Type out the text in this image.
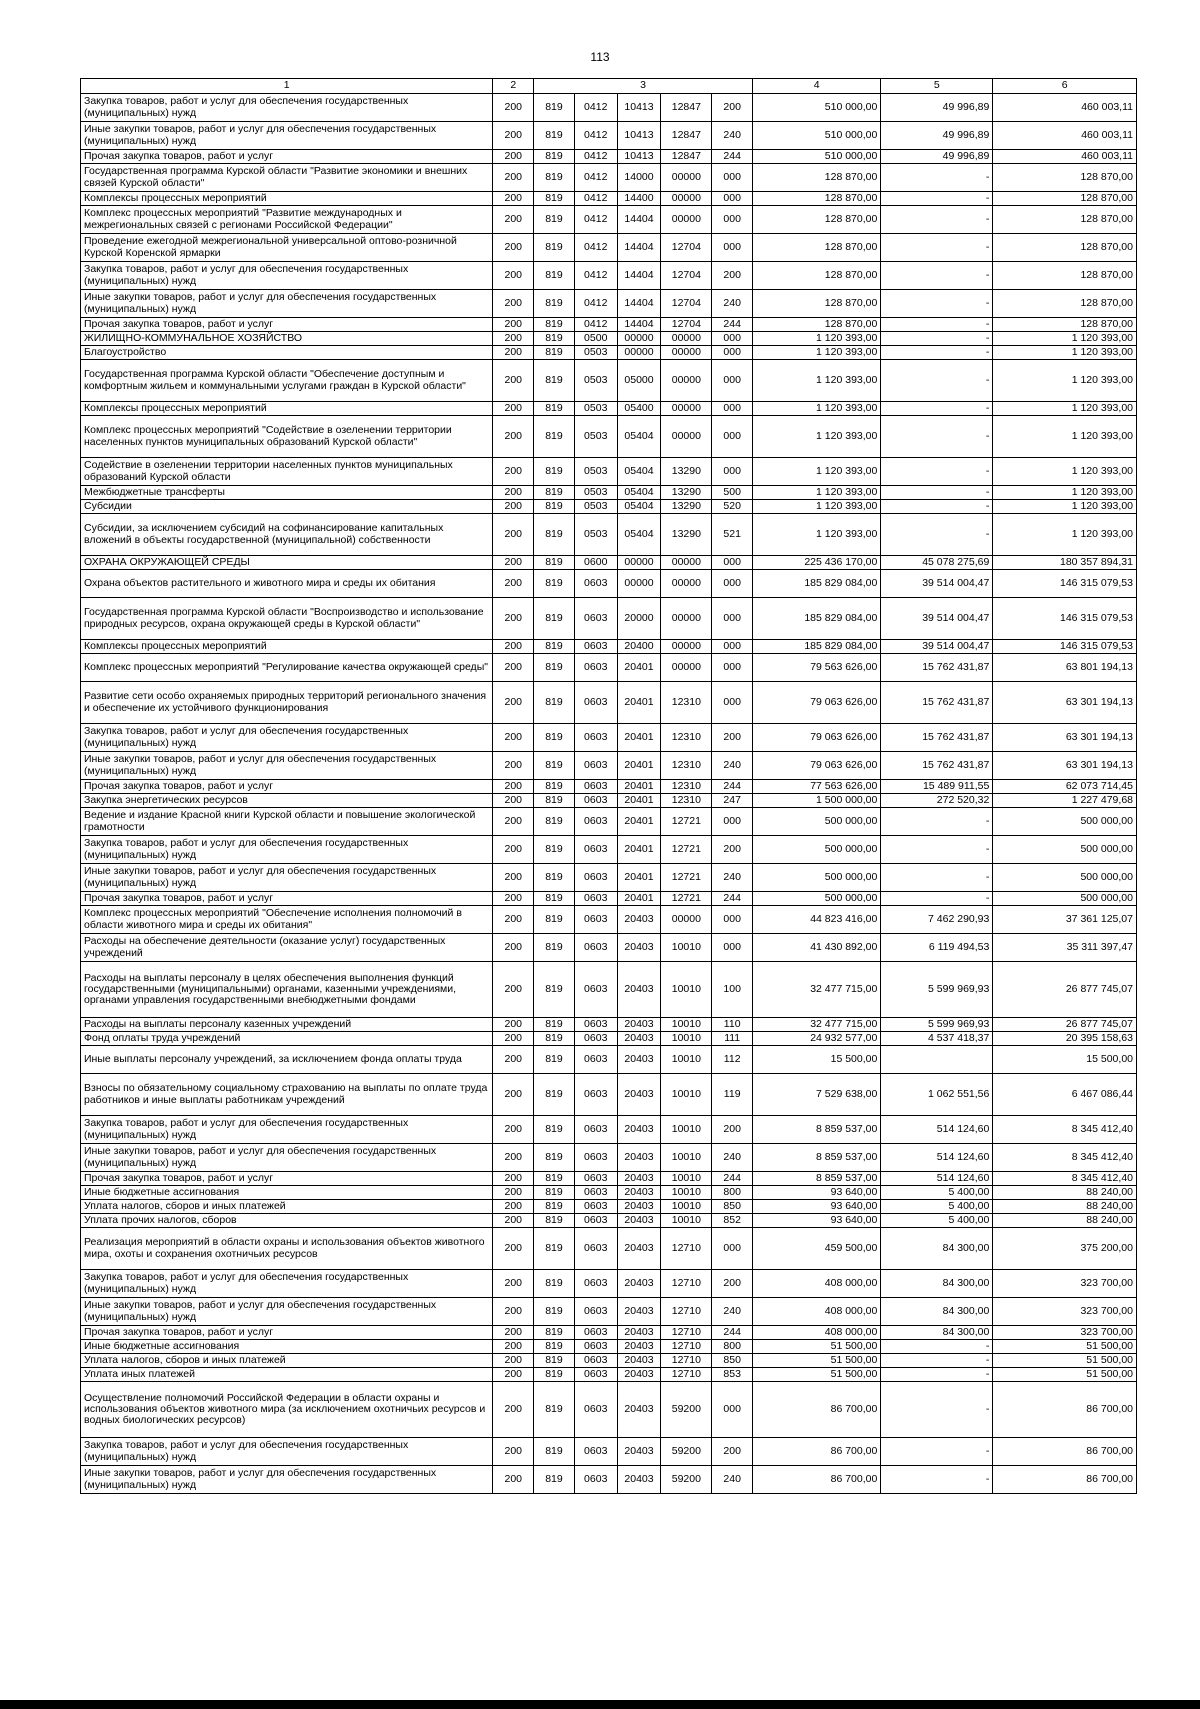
113
1	2	3					4	5	6
Закупка товаров, работ и услуг для обеспечения государственных (муниципальных) нужд	200	819	0412	10413	12847	200	510 000,00	49 996,89	460 003,11
Иные закупки товаров, работ и услуг для обеспечения государственных (муниципальных) нужд	200	819	0412	10413	12847	240	510 000,00	49 996,89	460 003,11
Прочая закупка товаров, работ и услуг	200	819	0412	10413	12847	244	510 000,00	49 996,89	460 003,11
Государственная программа Курской области "Развитие экономики и внешних связей Курской области"	200	819	0412	14000	00000	000	128 870,00	-	128 870,00
Комплексы процессных мероприятий	200	819	0412	14400	00000	000	128 870,00	-	128 870,00
Комплекс процессных мероприятий "Развитие международных и межрегиональных связей с регионами Российской Федерации"	200	819	0412	14404	00000	000	128 870,00	-	128 870,00
Проведение ежегодной межрегиональной универсальной оптово-розничной Курской Коренской ярмарки	200	819	0412	14404	12704	000	128 870,00	-	128 870,00
Закупка товаров, работ и услуг для обеспечения государственных (муниципальных) нужд	200	819	0412	14404	12704	200	128 870,00	-	128 870,00
Иные закупки товаров, работ и услуг для обеспечения государственных (муниципальных) нужд	200	819	0412	14404	12704	240	128 870,00	-	128 870,00
Прочая закупка товаров, работ и услуг	200	819	0412	14404	12704	244	128 870,00	-	128 870,00
ЖИЛИЩНО-КОММУНАЛЬНОЕ ХОЗЯЙСТВО	200	819	0500	00000	00000	000	1 120 393,00	-	1 120 393,00
Благоустройство	200	819	0503	00000	00000	000	1 120 393,00	-	1 120 393,00
Государственная программа Курской области "Обеспечение доступным и комфортным жильем и коммунальными услугами граждан в Курской области"	200	819	0503	05000	00000	000	1 120 393,00	-	1 120 393,00
Комплексы процессных мероприятий	200	819	0503	05400	00000	000	1 120 393,00	-	1 120 393,00
Комплекс процессных мероприятий "Содействие в озеленении территории населенных пунктов муниципальных образований Курской области"	200	819	0503	05404	00000	000	1 120 393,00	-	1 120 393,00
Содействие в озеленении территории населенных пунктов муниципальных образований Курской области	200	819	0503	05404	13290	000	1 120 393,00	-	1 120 393,00
Межбюджетные трансферты	200	819	0503	05404	13290	500	1 120 393,00	-	1 120 393,00
Субсидии	200	819	0503	05404	13290	520	1 120 393,00	-	1 120 393,00
Субсидии, за исключением субсидий на софинансирование капитальных вложений в объекты государственной (муниципальной) собственности	200	819	0503	05404	13290	521	1 120 393,00	-	1 120 393,00
ОХРАНА ОКРУЖАЮЩЕЙ СРЕДЫ	200	819	0600	00000	00000	000	225 436 170,00	45 078 275,69	180 357 894,31
Охрана объектов растительного и животного мира и среды их обитания	200	819	0603	00000	00000	000	185 829 084,00	39 514 004,47	146 315 079,53
Государственная программа Курской области "Воспроизводство и использование природных ресурсов, охрана окружающей среды в Курской области"	200	819	0603	20000	00000	000	185 829 084,00	39 514 004,47	146 315 079,53
Комплексы процессных мероприятий	200	819	0603	20400	00000	000	185 829 084,00	39 514 004,47	146 315 079,53
Комплекс процессных мероприятий "Регулирование качества окружающей среды"	200	819	0603	20401	00000	000	79 563 626,00	15 762 431,87	63 801 194,13
Развитие сети особо охраняемых природных территорий регионального значения и обеспечение их устойчивого функционирования	200	819	0603	20401	12310	000	79 063 626,00	15 762 431,87	63 301 194,13
Закупка товаров, работ и услуг для обеспечения государственных (муниципальных) нужд	200	819	0603	20401	12310	200	79 063 626,00	15 762 431,87	63 301 194,13
Иные закупки товаров, работ и услуг для обеспечения государственных (муниципальных) нужд	200	819	0603	20401	12310	240	79 063 626,00	15 762 431,87	63 301 194,13
Прочая закупка товаров, работ и услуг	200	819	0603	20401	12310	244	77 563 626,00	15 489 911,55	62 073 714,45
Закупка энергетических ресурсов	200	819	0603	20401	12310	247	1 500 000,00	272 520,32	1 227 479,68
Ведение и издание Красной книги Курской области и повышение экологической грамотности	200	819	0603	20401	12721	000	500 000,00	-	500 000,00
Закупка товаров, работ и услуг для обеспечения государственных (муниципальных) нужд	200	819	0603	20401	12721	200	500 000,00	-	500 000,00
Иные закупки товаров, работ и услуг для обеспечения государственных (муниципальных) нужд	200	819	0603	20401	12721	240	500 000,00	-	500 000,00
Прочая закупка товаров, работ и услуг	200	819	0603	20401	12721	244	500 000,00	-	500 000,00
Комплекс процессных мероприятий "Обеспечение исполнения полномочий в области животного мира и среды их обитания"	200	819	0603	20403	00000	000	44 823 416,00	7 462 290,93	37 361 125,07
Расходы на обеспечение деятельности (оказание услуг) государственных учреждений	200	819	0603	20403	10010	000	41 430 892,00	6 119 494,53	35 311 397,47
Расходы на выплаты персоналу в целях обеспечения выполнения функций государственными (муниципальными) органами, казенными учреждениями, органами управления государственными внебюджетными фондами	200	819	0603	20403	10010	100	32 477 715,00	5 599 969,93	26 877 745,07
Расходы на выплаты персоналу казенных учреждений	200	819	0603	20403	10010	110	32 477 715,00	5 599 969,93	26 877 745,07
Фонд оплаты труда учреждений	200	819	0603	20403	10010	111	24 932 577,00	4 537 418,37	20 395 158,63
Иные выплаты персоналу учреждений, за исключением фонда оплаты труда	200	819	0603	20403	10010	112	15 500,00		15 500,00
Взносы по обязательному социальному страхованию на выплаты по оплате труда работников и иные выплаты работникам учреждений	200	819	0603	20403	10010	119	7 529 638,00	1 062 551,56	6 467 086,44
Закупка товаров, работ и услуг для обеспечения государственных (муниципальных) нужд	200	819	0603	20403	10010	200	8 859 537,00	514 124,60	8 345 412,40
Иные закупки товаров, работ и услуг для обеспечения государственных (муниципальных) нужд	200	819	0603	20403	10010	240	8 859 537,00	514 124,60	8 345 412,40
Прочая закупка товаров, работ и услуг	200	819	0603	20403	10010	244	8 859 537,00	514 124,60	8 345 412,40
Иные бюджетные ассигнования	200	819	0603	20403	10010	800	93 640,00	5 400,00	88 240,00
Уплата налогов, сборов и иных платежей	200	819	0603	20403	10010	850	93 640,00	5 400,00	88 240,00
Уплата прочих налогов, сборов	200	819	0603	20403	10010	852	93 640,00	5 400,00	88 240,00
Реализация мероприятий в области охраны и использования объектов животного мира, охоты и сохранения охотничьих ресурсов	200	819	0603	20403	12710	000	459 500,00	84 300,00	375 200,00
Закупка товаров, работ и услуг для обеспечения государственных (муниципальных) нужд	200	819	0603	20403	12710	200	408 000,00	84 300,00	323 700,00
Иные закупки товаров, работ и услуг для обеспечения государственных (муниципальных) нужд	200	819	0603	20403	12710	240	408 000,00	84 300,00	323 700,00
Прочая закупка товаров, работ и услуг	200	819	0603	20403	12710	244	408 000,00	84 300,00	323 700,00
Иные бюджетные ассигнования	200	819	0603	20403	12710	800	51 500,00	-	51 500,00
Уплата налогов, сборов и иных платежей	200	819	0603	20403	12710	850	51 500,00	-	51 500,00
Уплата иных платежей	200	819	0603	20403	12710	853	51 500,00	-	51 500,00
Осуществление полномочий Российской Федерации в области охраны и использования объектов животного мира (за исключением охотничьих ресурсов и водных биологических ресурсов)	200	819	0603	20403	59200	000	86 700,00	-	86 700,00
Закупка товаров, работ и услуг для обеспечения государственных (муниципальных) нужд	200	819	0603	20403	59200	200	86 700,00	-	86 700,00
Иные закупки товаров, работ и услуг для обеспечения государственных (муниципальных) нужд	200	819	0603	20403	59200	240	86 700,00	-	86 700,00
